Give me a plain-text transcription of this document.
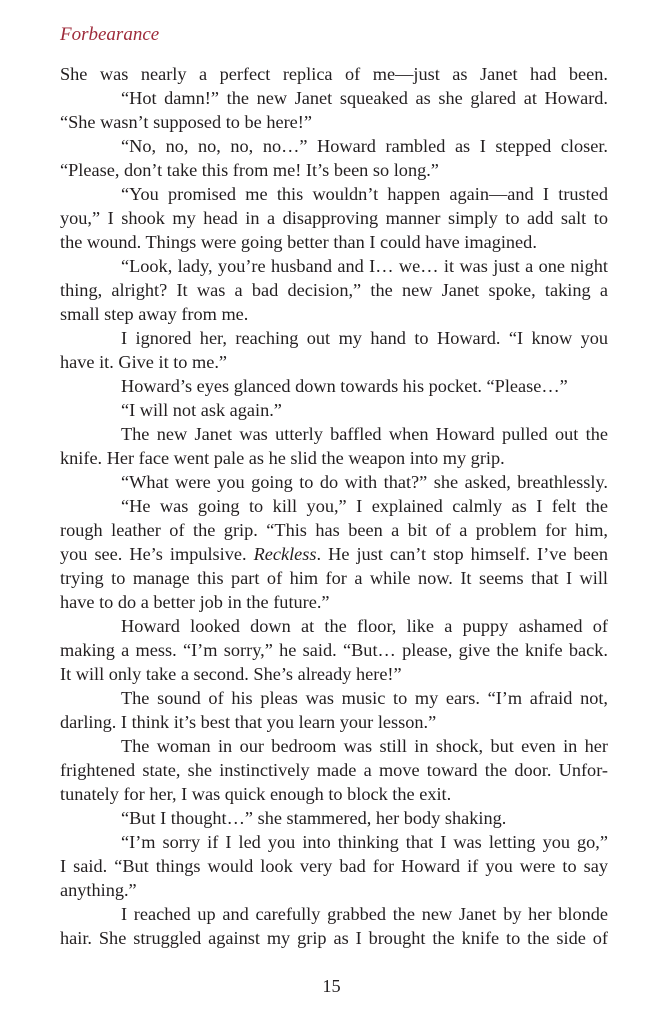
Forbearance
She was nearly a perfect replica of me—just as Janet had been.
“Hot damn!” the new Janet squeaked as she glared at Howard.
“She wasn’t supposed to be here!”
“No, no, no, no, no…” Howard rambled as I stepped closer.
“Please, don’t take this from me! It’s been so long.”
“You promised me this wouldn’t happen again—and I trusted
you,” I shook my head in a disapproving manner simply to add salt to
the wound. Things were going better than I could have imagined.
“Look, lady, you’re husband and I… we… it was just a one night
thing, alright? It was a bad decision,” the new Janet spoke, taking a
small step away from me.
I ignored her, reaching out my hand to Howard. “I know you
have it. Give it to me.”
Howard’s eyes glanced down towards his pocket. “Please…”
“I will not ask again.”
The new Janet was utterly baffled when Howard pulled out the
knife. Her face went pale as he slid the weapon into my grip.
“What were you going to do with that?” she asked, breathlessly.
“He was going to kill you,” I explained calmly as I felt the
rough leather of the grip. “This has been a bit of a problem for him,
you see. He’s impulsive. Reckless. He just can’t stop himself. I’ve been
trying to manage this part of him for a while now. It seems that I will
have to do a better job in the future.”
Howard looked down at the floor, like a puppy ashamed of
making a mess. “I’m sorry,” he said. “But… please, give the knife back.
It will only take a second. She’s already here!”
The sound of his pleas was music to my ears. “I’m afraid not,
darling. I think it’s best that you learn your lesson.”
The woman in our bedroom was still in shock, but even in her
frightened state, she instinctively made a move toward the door. Unfor-
tunately for her, I was quick enough to block the exit.
“But I thought…” she stammered, her body shaking.
“I’m sorry if I led you into thinking that I was letting you go,”
I said. “But things would look very bad for Howard if you were to say
anything.”
I reached up and carefully grabbed the new Janet by her blonde
hair. She struggled against my grip as I brought the knife to the side of
15
